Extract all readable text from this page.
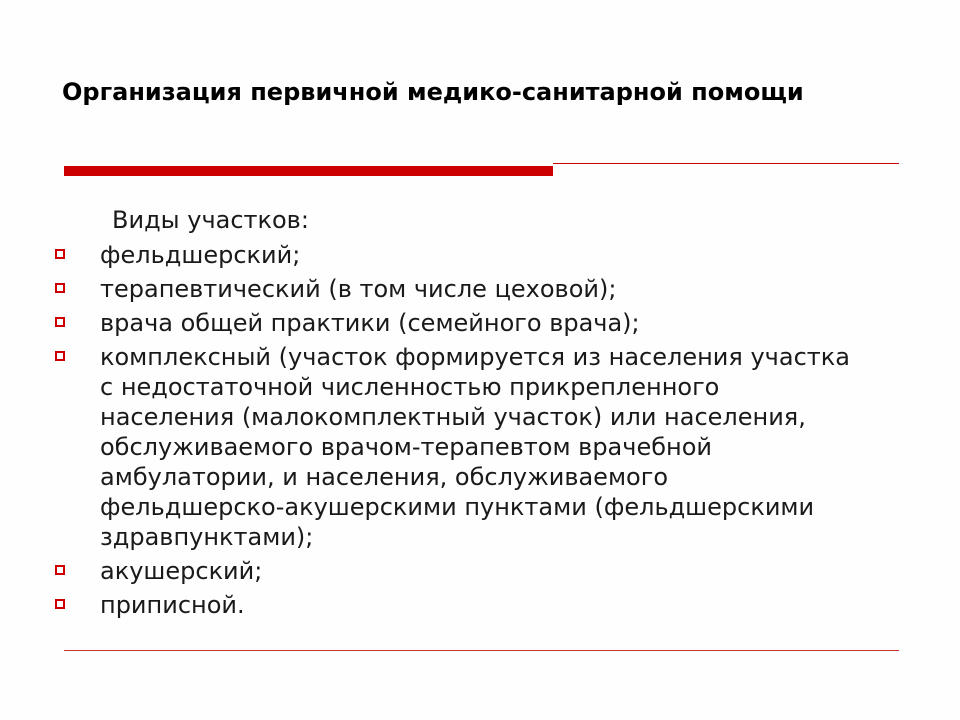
Организация первичной медико-санитарной помощи
Виды участков:
фельдшерский;
терапевтический (в том числе цеховой);
врача общей практики (семейного врача);
комплексный (участок формируется из населения участка с недостаточной численностью прикрепленного населения (малокомплектный участок) или населения, обслуживаемого врачом-терапевтом врачебной амбулатории, и населения, обслуживаемого фельдшерско-акушерскими пунктами (фельдшерскими здравпунктами);
акушерский;
приписной.
